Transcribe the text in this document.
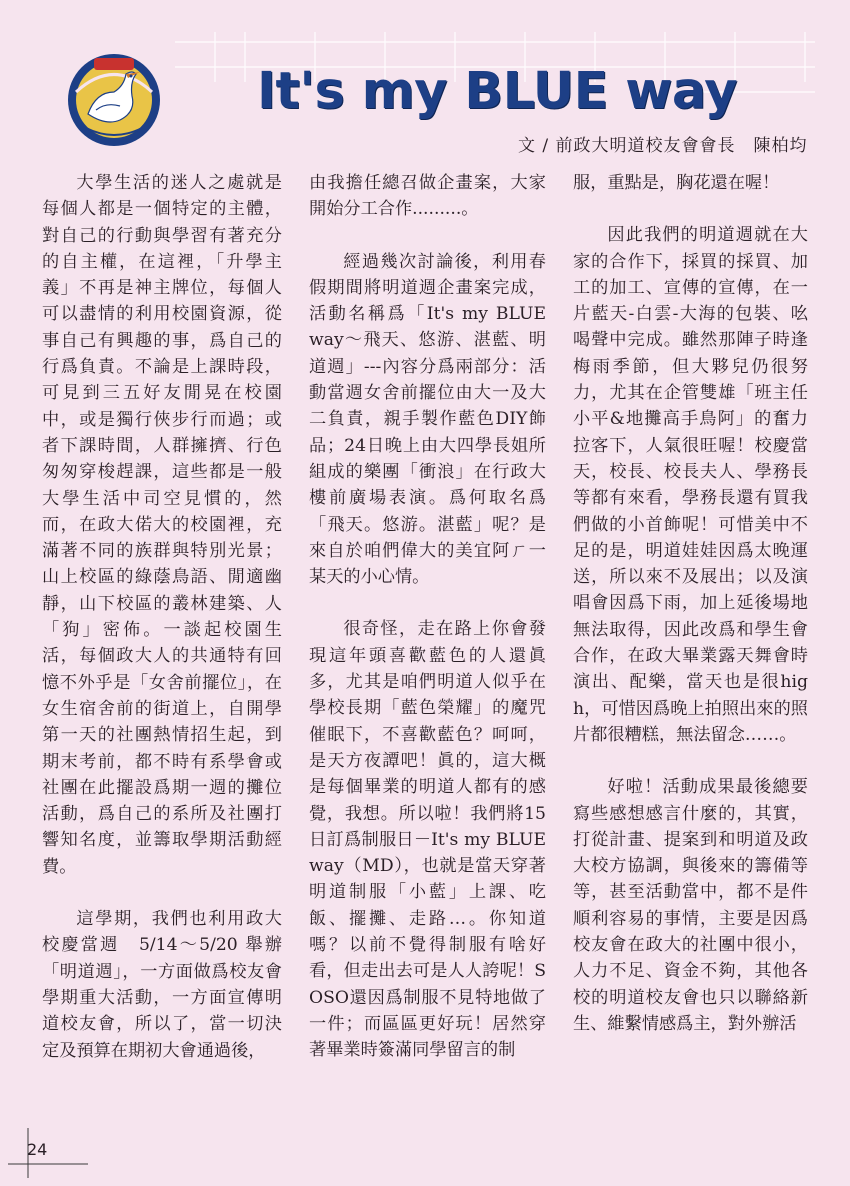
It's my BLUE way
文 / 前政大明道校友會會長　陳柏均

大學生活的迷人之處就是每個人都是一個特定的主體，對自己的行動與學習有著充分的自主權，在這裡，「升學主義」不再是神主牌位，每個人可以盡情的利用校園資源，從事自己有興趣的事，爲自己的行爲負責。不論是上課時段，可見到三五好友閒晃在校園中，或是獨行俠步行而過；或者下課時間，人群擁擠、行色匆匆穿梭趕課，這些都是一般大學生活中司空見慣的，然而，在政大偌大的校園裡，充滿著不同的族群與特別光景；山上校區的綠蔭鳥語、閒適幽靜，山下校區的叢林建築、人「狗」密佈。一談起校園生活，每個政大人的共通特有回憶不外乎是「女舍前擺位」，在女生宿舍前的街道上，自開學第一天的社團熱情招生起，到期末考前，都不時有系學會或社團在此擺設爲期一週的攤位活動，爲自己的系所及社團打響知名度，並籌取學期活動經費。

這學期，我們也利用政大校慶當週　5/14～5/20 舉辦「明道週」，一方面做爲校友會學期重大活動，一方面宣傳明道校友會，所以了，當一切決定及預算在期初大會通過後，

由我擔任總召做企畫案，大家開始分工合作.........。

經過幾次討論後，利用春假期間將明道週企畫案完成，活動名稱爲「It's my BLUE way～飛天、悠游、湛藍、明道週」---內容分爲兩部分：活動當週女舍前擺位由大一及大二負責，親手製作藍色DIY飾品；24日晚上由大四學長姐所組成的樂團「衝浪」在行政大樓前廣場表演。爲何取名爲「飛天。悠游。湛藍」呢？是來自於咱們偉大的美宜阿ㄏ一某天的小心情。

很奇怪，走在路上你會發現這年頭喜歡藍色的人還眞多，尤其是咱們明道人似乎在學校長期「藍色榮耀」的魔咒催眠下，不喜歡藍色？呵呵，是天方夜譚吧！眞的，這大概是每個畢業的明道人都有的感覺，我想。所以啦！我們將15日訂爲制服日－It's my BLUE way（MD），也就是當天穿著明道制服「小藍」上課、吃飯、擺攤、走路…。你知道嗎？以前不覺得制服有啥好看，但走出去可是人人誇呢！SOSO還因爲制服不見特地做了一件；而區區更好玩！居然穿著畢業時簽滿同學留言的制

服，重點是，胸花還在喔！

因此我們的明道週就在大家的合作下，採買的採買、加工的加工、宣傳的宣傳，在一片藍天-白雲-大海的包裝、吆喝聲中完成。雖然那陣子時逢梅雨季節，但大夥兒仍很努力，尤其在企管雙雄「班主任小平&地攤高手鳥阿」的奮力拉客下，人氣很旺喔！校慶當天，校長、校長夫人、學務長等都有來看，學務長還有買我們做的小首飾呢！可惜美中不足的是，明道娃娃因爲太晚運送，所以來不及展出；以及演唱會因爲下雨，加上延後場地無法取得，因此改爲和學生會合作，在政大畢業露天舞會時演出、配樂，當天也是很high，可惜因爲晚上拍照出來的照片都很糟糕，無法留念……。

好啦！活動成果最後總要寫些感想感言什麼的，其實，打從計畫、提案到和明道及政大校方協調，與後來的籌備等等，甚至活動當中，都不是件順利容易的事情，主要是因爲校友會在政大的社團中很小，人力不足、資金不夠，其他各校的明道校友會也只以聯絡新生、維繫情感爲主，對外辦活

24
